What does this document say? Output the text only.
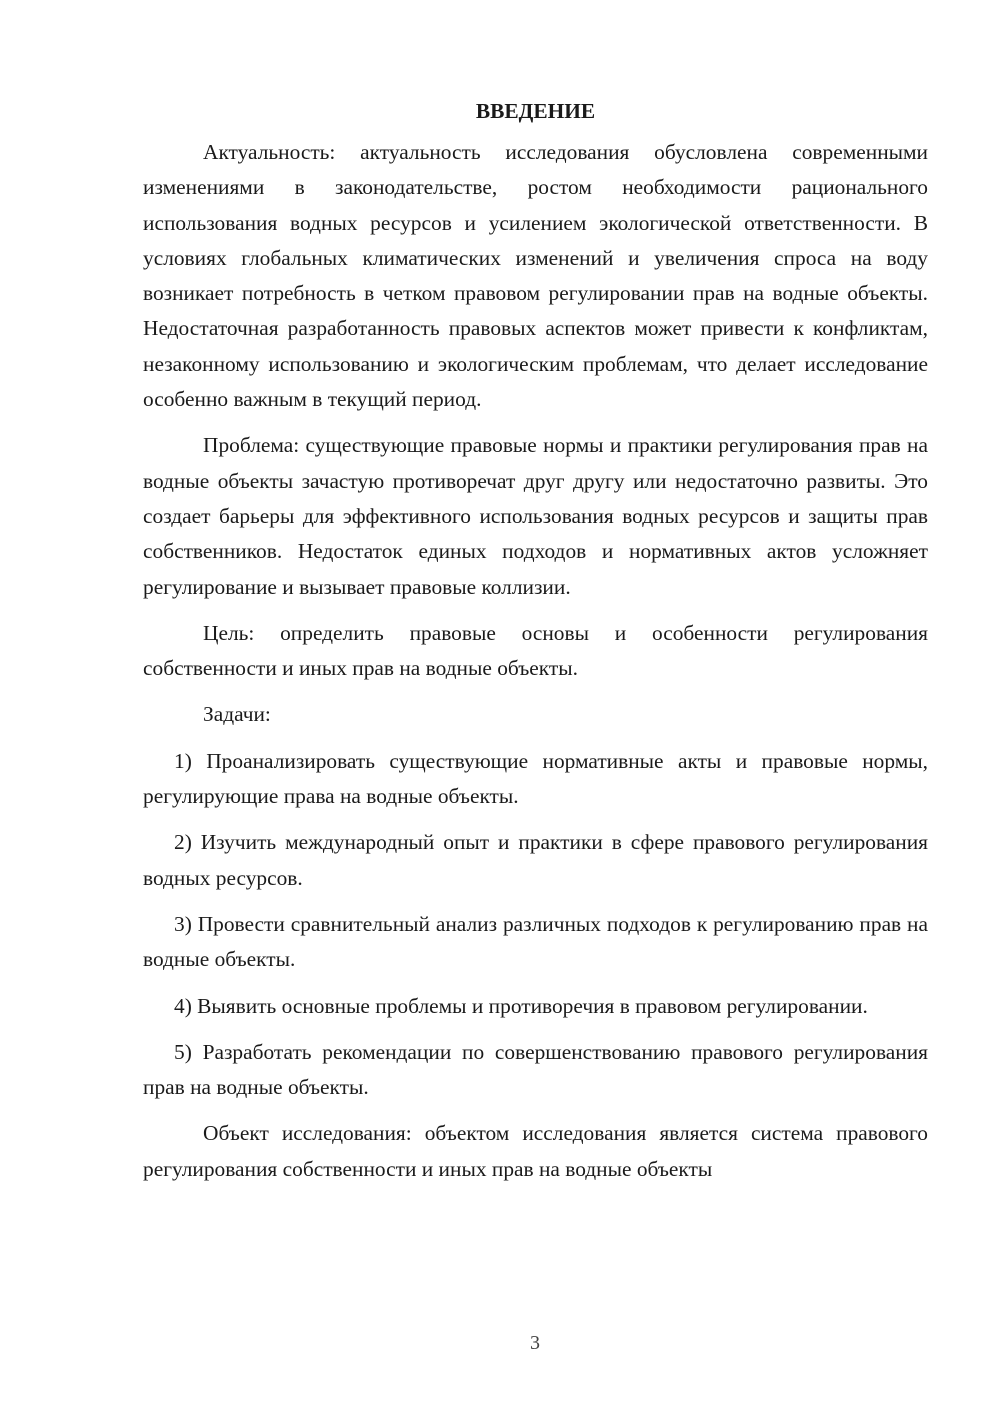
ВВЕДЕНИЕ

Актуальность: актуальность исследования обусловлена современными изменениями в законодательстве, ростом необходимости рационального использования водных ресурсов и усилением экологической ответственности. В условиях глобальных климатических изменений и увеличения спроса на воду возникает потребность в четком правовом регулировании прав на водные объекты. Недостаточная разработанность правовых аспектов может привести к конфликтам, незаконному использованию и экологическим проблемам, что делает исследование особенно важным в текущий период.

Проблема: существующие правовые нормы и практики регулирования прав на водные объекты зачастую противоречат друг другу или недостаточно развиты. Это создает барьеры для эффективного использования водных ресурсов и защиты прав собственников. Недостаток единых подходов и нормативных актов усложняет регулирование и вызывает правовые коллизии.

Цель: определить правовые основы и особенности регулирования собственности и иных прав на водные объекты.

Задачи:

1) Проанализировать существующие нормативные акты и правовые нормы, регулирующие права на водные объекты.

2) Изучить международный опыт и практики в сфере правового регулирования водных ресурсов.

3) Провести сравнительный анализ различных подходов к регулированию прав на водные объекты.

4) Выявить основные проблемы и противоречия в правовом регулировании.

5) Разработать рекомендации по совершенствованию правового регулирования прав на водные объекты.

Объект исследования: объектом исследования является система правового регулирования собственности и иных прав на водные объекты

3
